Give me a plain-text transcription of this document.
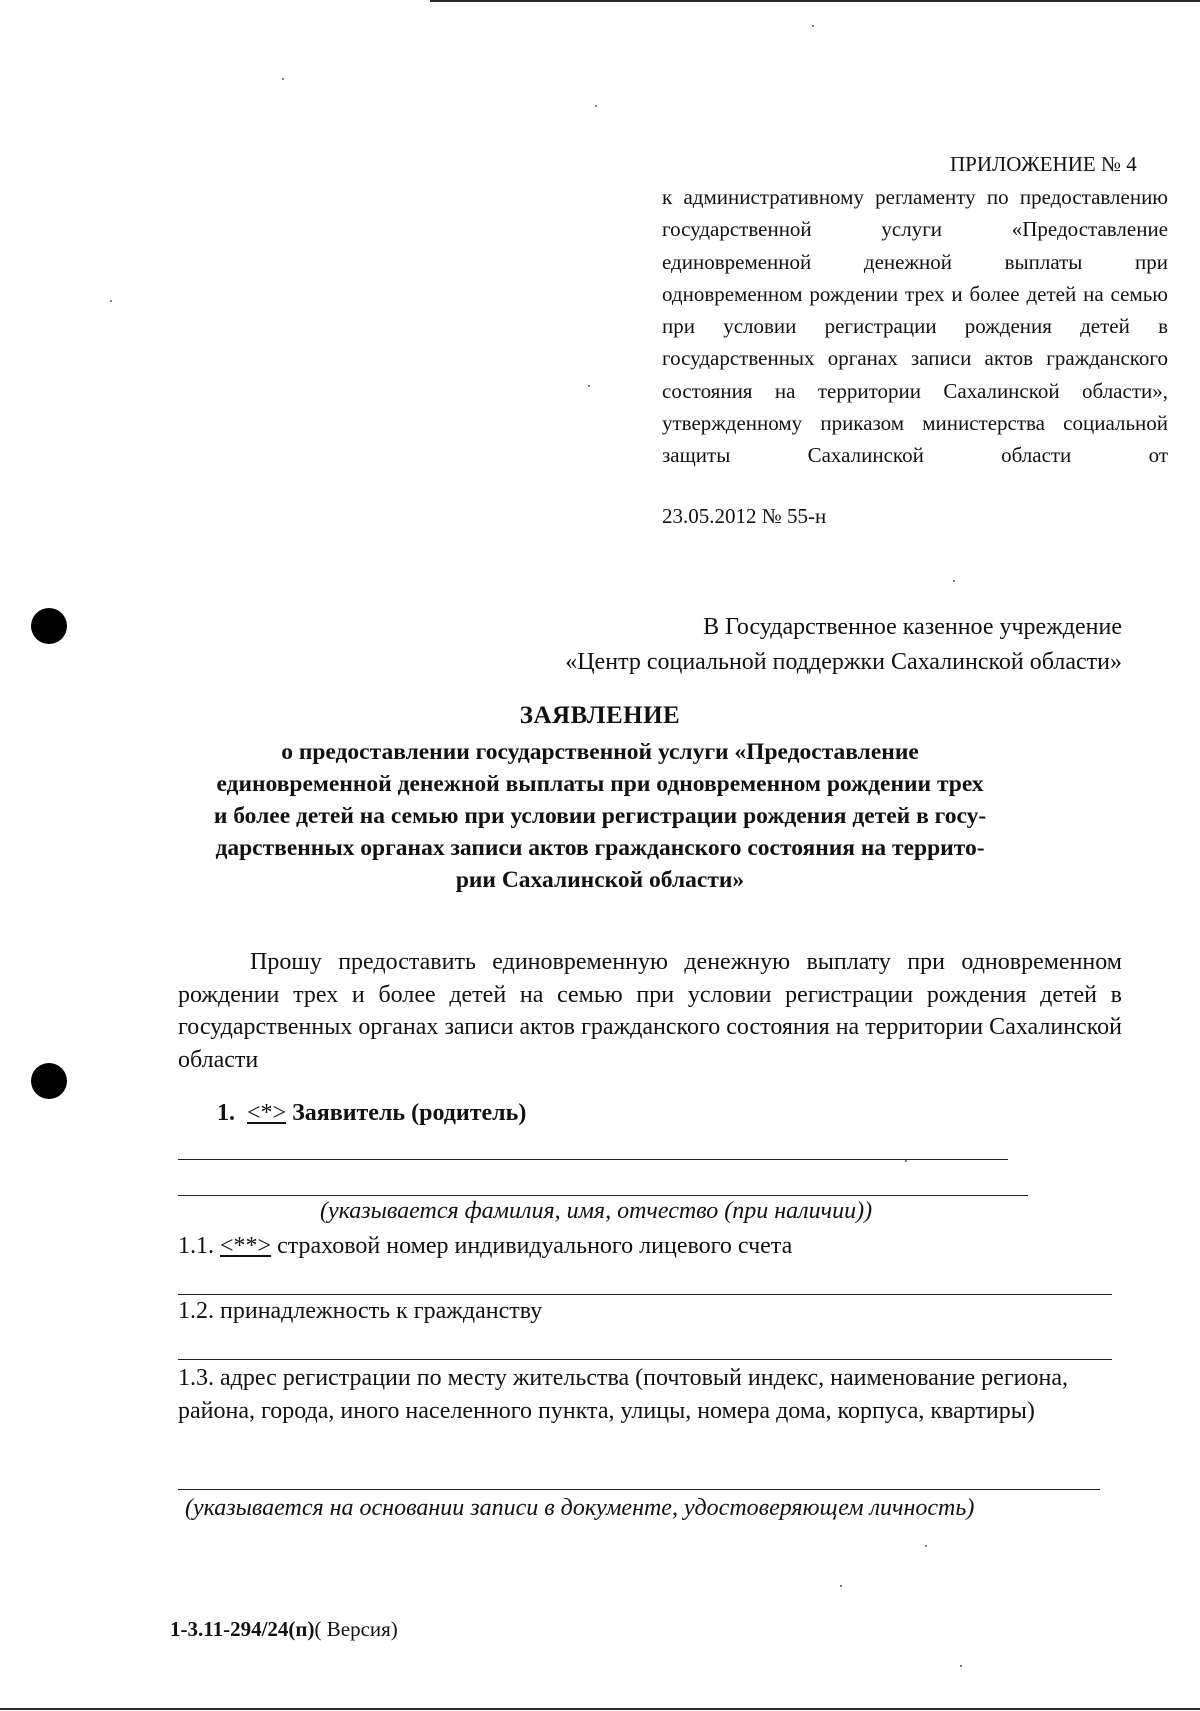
ПРИЛОЖЕНИЕ № 4
к административному регламенту по предоставлению государственной услуги «Предоставление единовременной денежной выплаты при одновременном рождении трех и более детей на семью при условии регистрации рождения детей в государственных органах записи актов гражданского состояния на территории Сахалинской области», утвержденному приказом министерства социальной защиты Сахалинской области от
23.05.2012 № 55-н
В Государственное казенное учреждение
«Центр социальной поддержки Сахалинской области»
ЗАЯВЛЕНИЕ
о предоставлении государственной услуги «Предоставление
единовременной денежной выплаты при одновременном рождении трех
и более детей на семью при условии регистрации рождения детей в госу-
дарственных органах записи актов гражданского состояния на террито-
рии Сахалинской области»
Прошу предоставить единовременную денежную выплату при одновременном рождении трех и более детей на семью при условии регистрации рождения детей в государственных органах записи актов гражданского состояния на территории Сахалинской области
1. <*> Заявитель (родитель)
(указывается фамилия, имя, отчество (при наличии))
1.1. <**> страховой номер индивидуального лицевого счета
1.2. принадлежность к гражданству
1.3. адрес регистрации по месту жительства (почтовый индекс, наименование региона, района, города, иного населенного пункта, улицы, номера дома, корпуса, квартиры)
(указывается на основании записи в документе, удостоверяющем личность)
1-3.11-294/24(п)( Версия)
